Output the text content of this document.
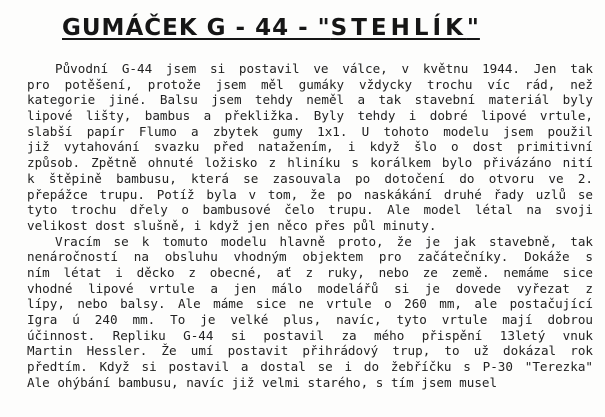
GUMÁČEK G - 44 - "STEHLÍK"
Původní G-44 jsem si postavil ve válce, v květnu 1944. Jen tak
pro potěšení, protože jsem měl gumáky vždycky trochu víc rád, než
kategorie jiné. Balsu jsem tehdy neměl a tak stavební materiál byly
lipové lišty, bambus a překližka. Byly tehdy i dobré lipové vrtule,
slabší papír Flumo a zbytek gumy 1x1. U tohoto modelu jsem použil
již vytahování svazku před natažením, i když šlo o dost primitivní
způsob. Zpětně ohnuté ložisko z hliníku s korálkem bylo přivázáno nití
k štěpině bambusu, která se zasouvala po dotočení do otvoru ve 2.
přepážce trupu. Potíž byla v tom, že po naskákání druhé řady uzlů se
tyto trochu dřely o bambusové čelo trupu. Ale model létal na svoji
velikost dost slušně, i když jen něco přes půl minuty.
Vracím se k tomuto modelu hlavně proto, že je jak stavebně, tak
nenáročností na obsluhu vhodným objektem pro začátečníky. Dokáže s
ním létat i děcko z obecné, ať z ruky, nebo ze země. nemáme sice
vhodné lipové vrtule a jen málo modelářů si je dovede vyřezat z
lípy, nebo balsy. Ale máme sice ne vrtule o 260 mm, ale postačující
Igra ú 240 mm. To je velké plus, navíc, tyto vrtule mají dobrou
účinnost. Repliku G-44 si postavil za mého přispění 13letý vnuk
Martin Hessler. Že umí postavit přihrádový trup, to už dokázal rok
předtím. Když si postavil a dostal se i do žebříčku s P-30 "Terezka"
Ale ohýbání bambusu, navíc již velmi starého, s tím jsem musel
